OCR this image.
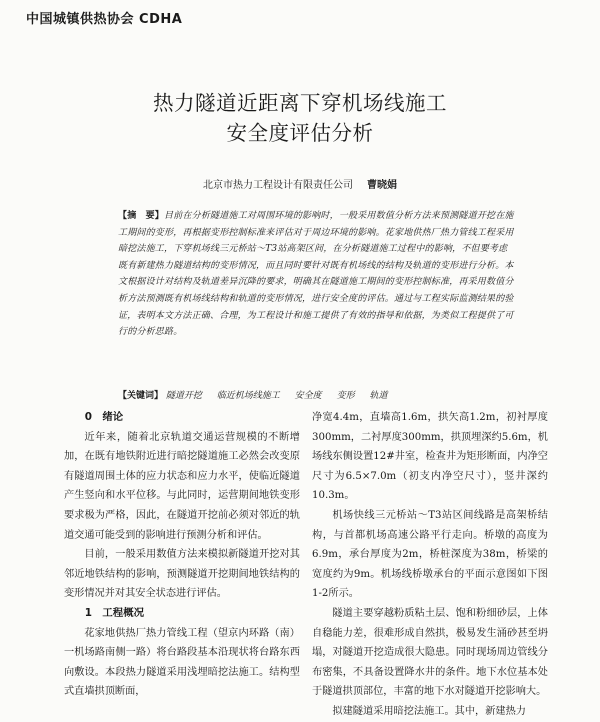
中国城镇供热协会 CDHA
热力隧道近距离下穿机场线施工
安全度评估分析
北京市热力工程设计有限责任公司 曹晓娟
【摘　要】目前在分析隧道施工对周围环境的影响时，一般采用数值分析方法来预测隧道开挖在施工期间的变形，再根据变形控制标准来评估对于周边环境的影响。花家地供热厂热力管线工程采用暗挖法施工，下穿机场线三元桥站～T3站高架区间，在分析隧道施工过程中的影响，不但要考虑既有新建热力隧道结构的变形情况，而且同时要针对既有机场线的结构及轨道的变形进行分析。本文根据设计对结构及轨道差异沉降的要求，明确其在隧道施工期间的变形控制标准，再采用数值分析方法预测既有机场线结构和轨道的变形情况，进行安全度的评估。通过与工程实际监测结果的验证，表明本文方法正确、合理，为工程设计和施工提供了有效的指导和依据，为类似工程提供了可行的分析思路。
【关键词】 隧道开挖 临近机场线施工 安全度 变形 轨道
0　绪论

近年来，随着北京轨道交通运营规模的不断增加，在既有地铁附近进行暗挖隧道施工必然会改变原有隧道周围土体的应力状态和应力水平，使临近隧道产生竖向和水平位移。与此同时，运营期间地铁变形要求极为严格，因此，在隧道开挖前必须对邻近的轨道交通可能受到的影响进行预测分析和评估。

目前，一般采用数值方法来模拟新隧道开挖对其邻近地铁结构的影响，预测隧道开挖期间地铁结构的变形情况并对其安全状态进行评估。

1　工程概况

花家地供热厂热力管线工程（望京内环路（南）一机场路南侧一路）将台路段基本沿现状将台路东西向敷设。本段热力隧道采用浅埋暗挖法施工。结构型式直墙拱顶断面，

净宽4.4m，直墙高1.6m，拱矢高1.2m，初衬厚度300mm，二衬厚度300mm，拱顶埋深约5.6m，机场线东侧设置12#井室，检查井为矩形断面，内净空尺寸为6.5×7.0m（初支内净空尺寸），竖井深约10.3m。

机场快线三元桥站～T3站区间线路是高架桥结构，与首都机场高速公路平行走向。桥墩的高度为6.9m，承台厚度为2m，桥桩深度为38m，桥梁的宽度约为9m。机场线桥墩承台的平面示意图如下图1-2所示。

隧道主要穿越粉质粘土层、饱和粉细砂层，上体自稳能力差，很难形成自然拱，极易发生涌砂甚至坍塌，对隧道开挖造成很大隐患。同时现场周边管线分布密集，不具备设置降水井的条件。地下水位基本处于隧道拱顶部位，丰富的地下水对隧道开挖影响大。

拟建隧道采用暗挖法施工。其中，新建热力
